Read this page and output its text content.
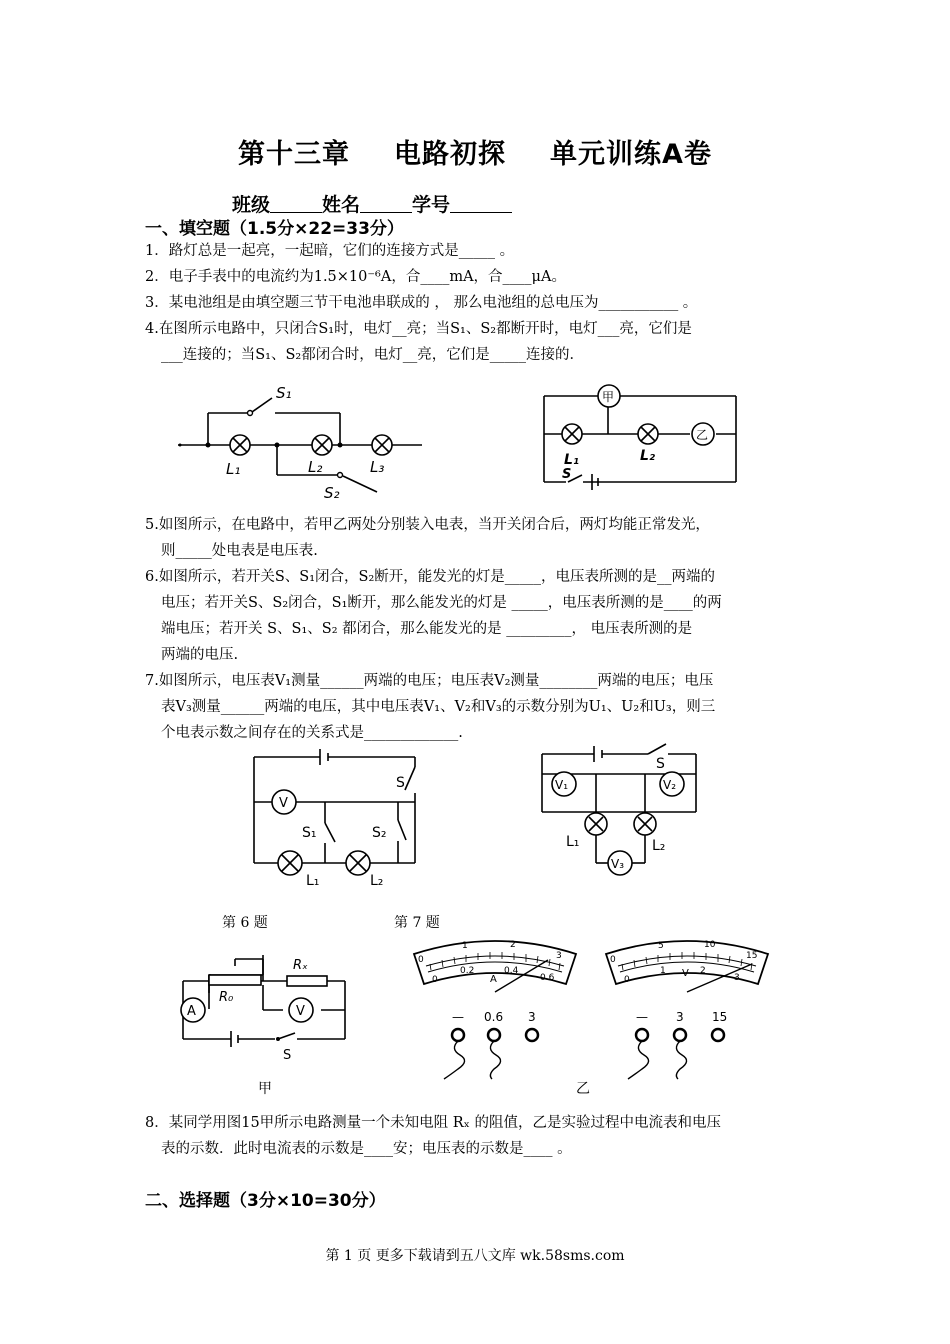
第十三章 电路初探 单元训练A卷
班级	姓名	学号
一、填空题（1.5分×22=33分）
1．路灯总是一起亮，一起暗，它们的连接方式是_____ 。
2．电子手表中的电流约为1.5×10⁻⁶A，合____mA，合____μA。
3．某电池组是由填空题三节干电池串联成的 ， 那么电池组的总电压为___________ 。
4.在图所示电路中，只闭合S₁时，电灯__亮；当S₁、S₂都断开时，电灯___亮，它们是
___连接的；当S₁、S₂都闭合时，电灯__亮，它们是_____连接的．
S₁
L₁	L₂	L₃
S₂
甲
乙
L₁	L₂
S
5.如图所示，在电路中，若甲乙两处分别装入电表，当开关闭合后，两灯均能正常发光，
则_____处电表是电压表.
6.如图所示，若开关S、S₁闭合，S₂断开，能发光的灯是_____，电压表所测的是__两端的
电压；若开关S、S₂闭合，S₁断开，那么能发光的灯是 _____，电压表所测的是____的两
端电压；若开关 S、S₁、S₂ 都闭合，那么能发光的是 _________， 电压表所测的是
两端的电压.
7.如图所示，电压表V₁测量______两端的电压；电压表V₂测量________两端的电压；电压
表V₃测量______两端的电压，其中电压表V₁、V₂和V₃的示数分别为U₁、U₂和U₃，则三
个电表示数之间存在的关系式是_____________.
V
S
S₁	S₂
L₁	L₂
V₁	V₂
V₃
S
L₁	L₂
第 6 题	第 7 题
A	V
R₀
Rₓ
S
0
1	2
3
0
0.2	0.4
0.6
A
0
5	10
15
0
1	2
3
V
— 0.6 3	— 3 15
甲	乙
8．某同学用图15甲所示电路测量一个未知电阻 Rₓ 的阻值，乙是实验过程中电流表和电压
表的示数．此时电流表的示数是____安；电压表的示数是____ 。
二、选择题（3分×10=30分）
第 1 页 更多下载请到五八文库 wk.58sms.com
